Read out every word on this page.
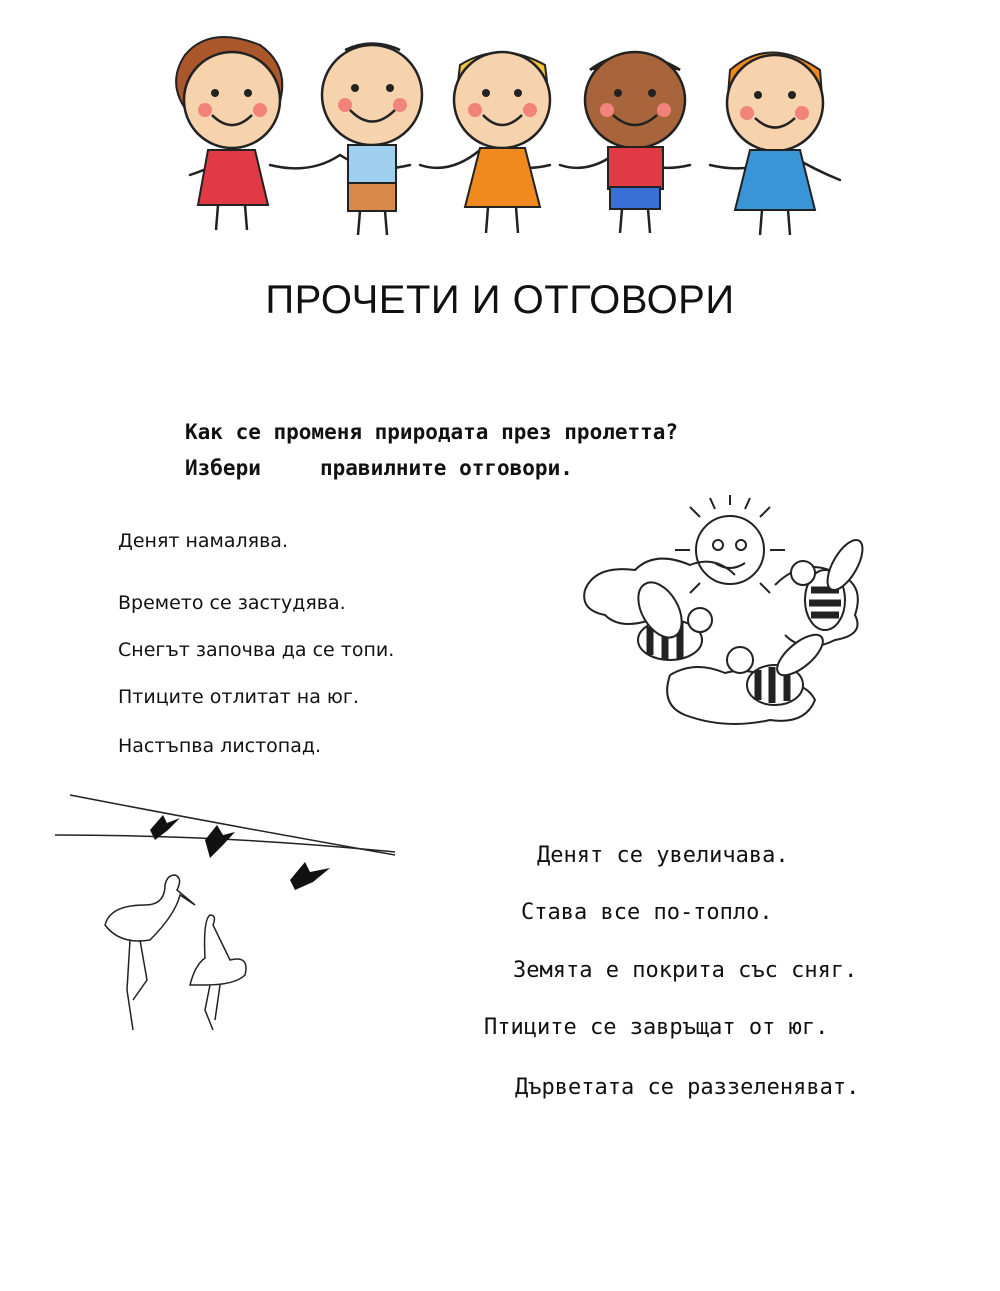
ПРОЧЕТИ И ОТГОВОРИ
Как се променя природата през пролетта?
Избери	правилните отговори.
Денят намалява.
Времето се застудява.
Снегът започва да се топи.
Птиците отлитат на юг.
Настъпва листопад.
Денят се увеличава.
Става все по-топло.
Земята е покрита със сняг.
Птиците се завръщат от юг.
Дърветата се раззеленяват.
